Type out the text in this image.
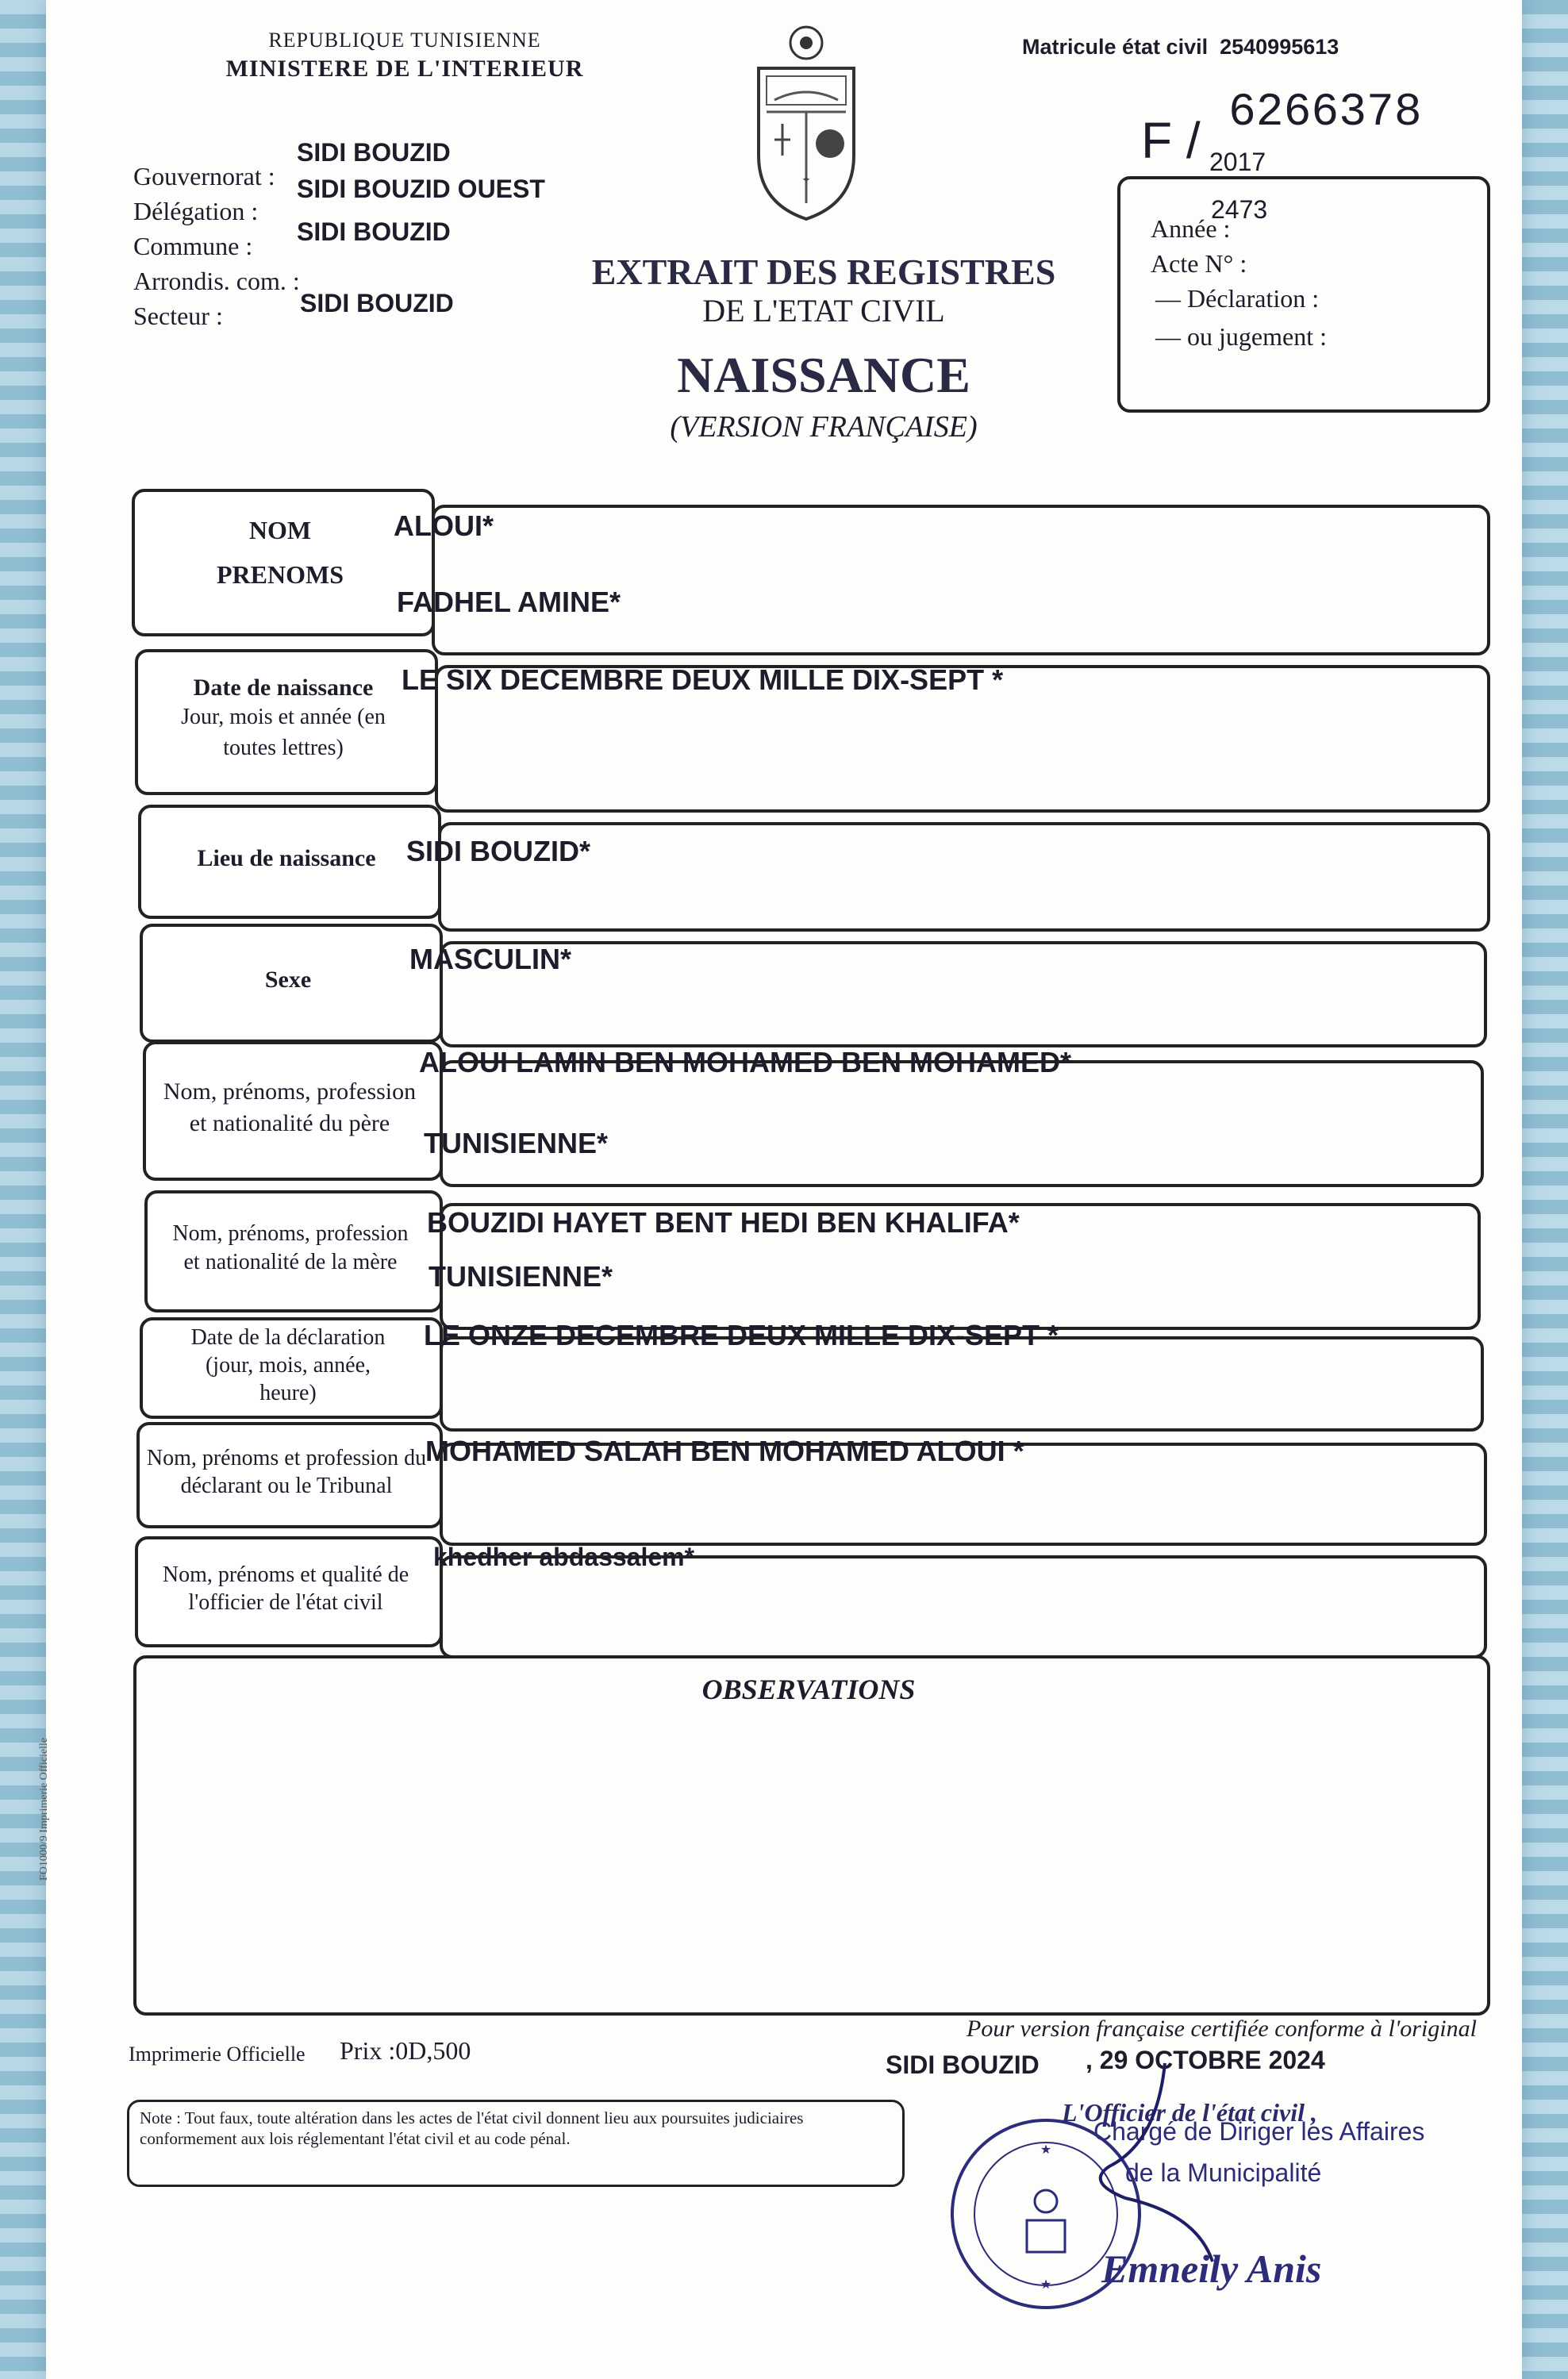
REPUBLIQUE TUNISIENNE
MINISTERE DE L'INTERIEUR
✦
Matricule état civil 2540995613
F / 6266378
2017
Année :
2473
Acte N° :
— Déclaration :
— ou jugement :
Gouvernorat :
SIDI BOUZID
Délégation :
SIDI BOUZID OUEST
Commune : SIDI BOUZID
Arrondis. com. :
Secteur :	SIDI BOUZID
EXTRAIT DES REGISTRES
DE L'ETAT CIVIL
NAISSANCE
(VERSION FRANÇAISE)
NOM
PRENOMS
ALOUI*
FADHEL AMINE*
Date de naissance
Jour, mois et année (en toutes lettres)
LE SIX DECEMBRE DEUX MILLE DIX-SEPT *
Lieu de naissance SIDI BOUZID*
Sexe
MASCULIN*
Nom, prénoms, profession et nationalité du père
ALOUI LAMIN BEN MOHAMED BEN MOHAMED*
TUNISIENNE*
Nom, prénoms, profession et nationalité de la mère
BOUZIDI HAYET BENT HEDI BEN KHALIFA*
TUNISIENNE*
Date de la déclaration (jour, mois, année, heure)
LE ONZE DECEMBRE DEUX MILLE DIX-SEPT *
Nom, prénoms et profession du déclarant ou le Tribunal
MOHAMED SALAH BEN MOHAMED ALOUI *
Nom, prénoms et qualité de l'officier de l'état civil
khedher abdassalem*
OBSERVATIONS
FO1000/9 Imprimerie Officielle
Imprimerie Officielle Prix :0D,500
Note : Tout faux, toute altération dans les actes de l'état civil donnent lieu aux poursuites judiciaires conformement aux lois réglementant l'état civil et au code pénal.
Pour version française certifiée conforme à l'original
SIDI BOUZID , 29 OCTOBRE 2024
L'Officier de l'état civil ,
★
★
Chargé de Diriger les Affaires
de la Municipalité
Emneily Anis
